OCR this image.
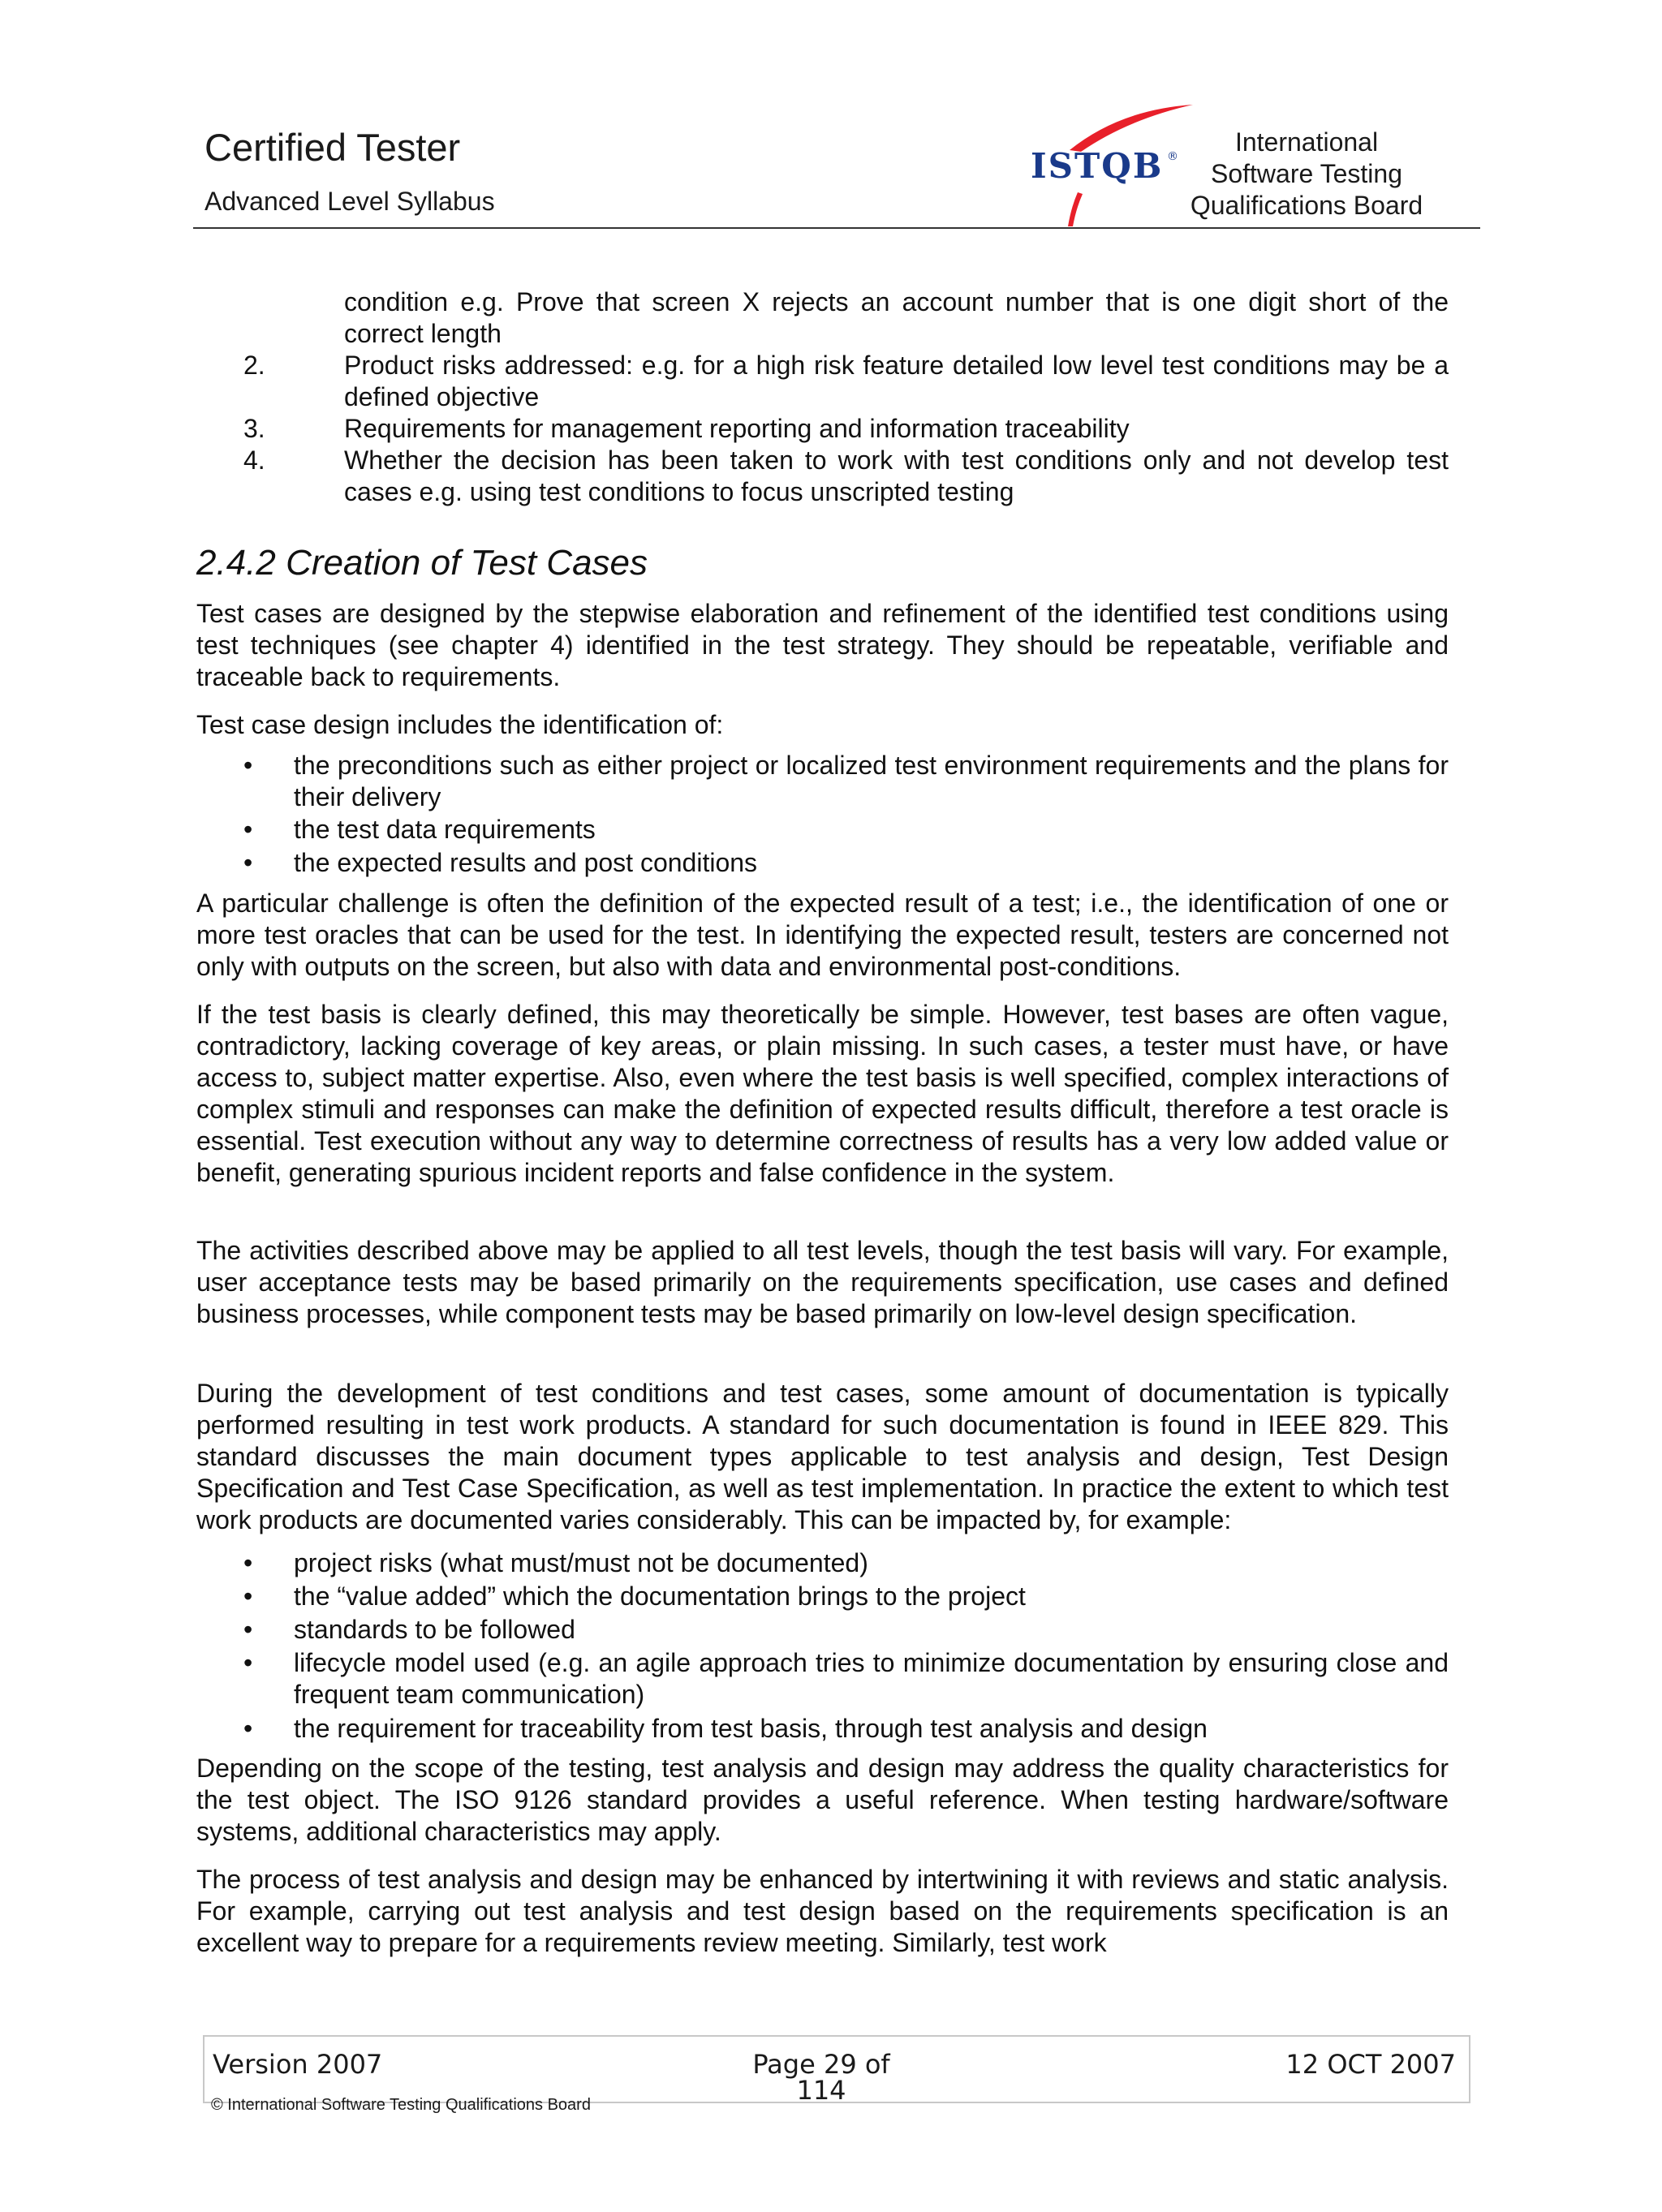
Certified Tester
Advanced Level Syllabus
ISTQB ®	International
Software Testing
Qualifications Board

condition e.g. Prove that screen X rejects an account number that is one digit short of the correct length

2.	Product risks addressed: e.g. for a high risk feature detailed low level test conditions may be a defined objective

3.	Requirements for management reporting and information traceability

4.	Whether the decision has been taken to work with test conditions only and not develop test cases e.g. using test conditions to focus unscripted testing

2.4.2 Creation of Test Cases

Test cases are designed by the stepwise elaboration and refinement of the identified test conditions using test techniques (see chapter 4) identified in the test strategy. They should be repeatable, verifiable and traceable back to requirements.

Test case design includes the identification of:

• the preconditions such as either project or localized test environment requirements and the plans for their delivery

• the test data requirements

• the expected results and post conditions

A particular challenge is often the definition of the expected result of a test; i.e., the identification of one or more test oracles that can be used for the test. In identifying the expected result, testers are concerned not only with outputs on the screen, but also with data and environmental post-conditions.

If the test basis is clearly defined, this may theoretically be simple. However, test bases are often vague, contradictory, lacking coverage of key areas, or plain missing. In such cases, a tester must have, or have access to, subject matter expertise. Also, even where the test basis is well specified, complex interactions of complex stimuli and responses can make the definition of expected results difficult, therefore a test oracle is essential. Test execution without any way to determine correctness of results has a very low added value or benefit, generating spurious incident reports and false confidence in the system.

The activities described above may be applied to all test levels, though the test basis will vary. For example, user acceptance tests may be based primarily on the requirements specification, use cases and defined business processes, while component tests may be based primarily on low-level design specification.

During the development of test conditions and test cases, some amount of documentation is typically performed resulting in test work products. A standard for such documentation is found in IEEE 829. This standard discusses the main document types applicable to test analysis and design, Test Design Specification and Test Case Specification, as well as test implementation. In practice the extent to which test work products are documented varies considerably. This can be impacted by, for example:

• project risks (what must/must not be documented)

• the “value added” which the documentation brings to the project

• standards to be followed

• lifecycle model used (e.g. an agile approach tries to minimize documentation by ensuring close and frequent team communication)

• the requirement for traceability from test basis, through test analysis and design

Depending on the scope of the testing, test analysis and design may address the quality characteristics for the test object. The ISO 9126 standard provides a useful reference. When testing hardware/software systems, additional characteristics may apply.

The process of test analysis and design may be enhanced by intertwining it with reviews and static analysis. For example, carrying out test analysis and test design based on the requirements specification is an excellent way to prepare for a requirements review meeting. Similarly, test work

Version 2007	Page 29 of 114
12 OCT 2007
© International Software Testing Qualifications Board
